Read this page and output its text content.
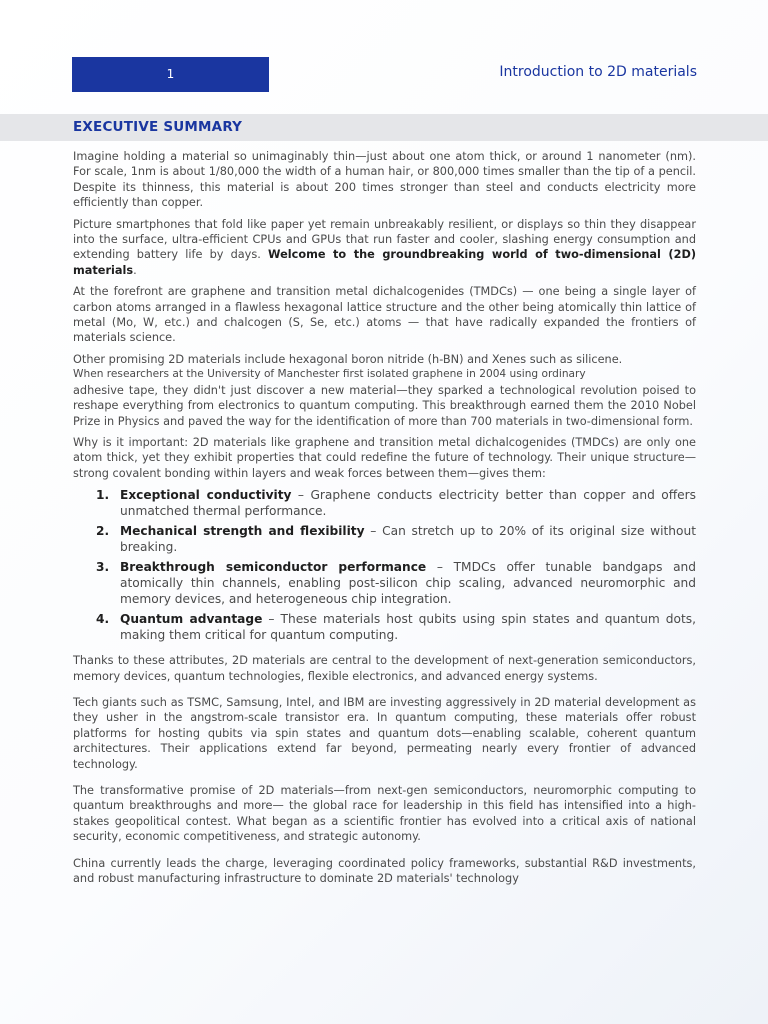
1	Introduction to 2D materials
EXECUTIVE SUMMARY

Imagine holding a material so unimaginably thin—just about one atom thick, or around 1 nanometer (nm). For scale, 1nm is about 1/80,000 the width of a human hair, or 800,000 times smaller than the tip of a pencil. Despite its thinness, this material is about 200 times stronger than steel and conducts electricity more efficiently than copper.

Picture smartphones that fold like paper yet remain unbreakably resilient, or displays so thin they disappear into the surface, ultra-efficient CPUs and GPUs that run faster and cooler, slashing energy consumption and extending battery life by days. Welcome to the groundbreaking world of two-dimensional (2D) materials.

At the forefront are graphene and transition metal dichalcogenides (TMDCs) — one being a single layer of carbon atoms arranged in a flawless hexagonal lattice structure and the other being atomically thin lattice of metal (Mo, W, etc.) and chalcogen (S, Se, etc.) atoms — that have radically expanded the frontiers of materials science.

Other promising 2D materials include hexagonal boron nitride (h-BN) and Xenes such as silicene.

When researchers at the University of Manchester first isolated graphene in 2004 using ordinary

adhesive tape, they didn't just discover a new material—they sparked a technological revolution poised to reshape everything from electronics to quantum computing. This breakthrough earned them the 2010 Nobel Prize in Physics and paved the way for the identification of more than 700 materials in two-dimensional form.

Why is it important: 2D materials like graphene and transition metal dichalcogenides (TMDCs) are only one atom thick, yet they exhibit properties that could redefine the future of technology. Their unique structure—strong covalent bonding within layers and weak forces between them—gives them:

1. Exceptional conductivity – Graphene conducts electricity better than copper and offers unmatched thermal performance.
2. Mechanical strength and flexibility – Can stretch up to 20% of its original size without breaking.
3. Breakthrough semiconductor performance – TMDCs offer tunable bandgaps and atomically thin channels, enabling post-silicon chip scaling, advanced neuromorphic and memory devices, and heterogeneous chip integration.
4. Quantum advantage – These materials host qubits using spin states and quantum dots, making them critical for quantum computing.

Thanks to these attributes, 2D materials are central to the development of next-generation semiconductors, memory devices, quantum technologies, flexible electronics, and advanced energy systems.

Tech giants such as TSMC, Samsung, Intel, and IBM are investing aggressively in 2D material development as they usher in the angstrom-scale transistor era. In quantum computing, these materials offer robust platforms for hosting qubits via spin states and quantum dots—enabling scalable, coherent quantum architectures. Their applications extend far beyond, permeating nearly every frontier of advanced technology.

The transformative promise of 2D materials—from next-gen semiconductors, neuromorphic computing to quantum breakthroughs and more— the global race for leadership in this field has intensified into a high-stakes geopolitical contest. What began as a scientific frontier has evolved into a critical axis of national security, economic competitiveness, and strategic autonomy.

China currently leads the charge, leveraging coordinated policy frameworks, substantial R&D investments, and robust manufacturing infrastructure to dominate 2D materials' technology
